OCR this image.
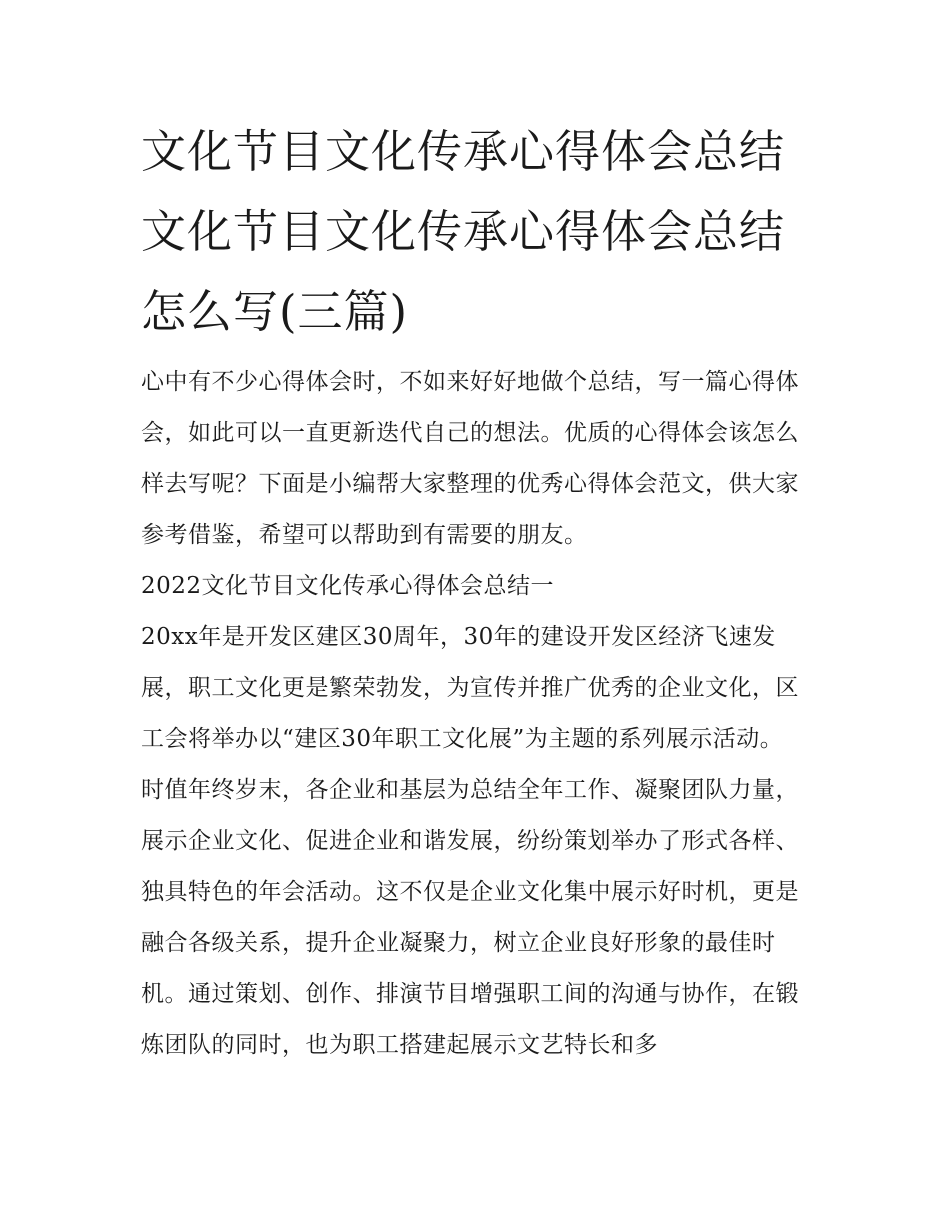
文化节目文化传承心得体会总结 文化节目文化传承心得体会总结怎么写(三篇)

心中有不少心得体会时，不如来好好地做个总结，写一篇心得体会，如此可以一直更新迭代自己的想法。优质的心得体会该怎么样去写呢？下面是小编帮大家整理的优秀心得体会范文，供大家参考借鉴，希望可以帮助到有需要的朋友。

2022文化节目文化传承心得体会总结一

20xx年是开发区建区30周年，30年的建设开发区经济飞速发展，职工文化更是繁荣勃发，为宣传并推广优秀的企业文化，区工会将举办以“建区30年职工文化展”为主题的系列展示活动。

时值年终岁末，各企业和基层为总结全年工作、凝聚团队力量，展示企业文化、促进企业和谐发展，纷纷策划举办了形式各样、独具特色的年会活动。这不仅是企业文化集中展示好时机，更是融合各级关系，提升企业凝聚力，树立企业良好形象的最佳时机。通过策划、创作、排演节目增强职工间的沟通与协作，在锻炼团队的同时，也为职工搭建起展示文艺特长和多
